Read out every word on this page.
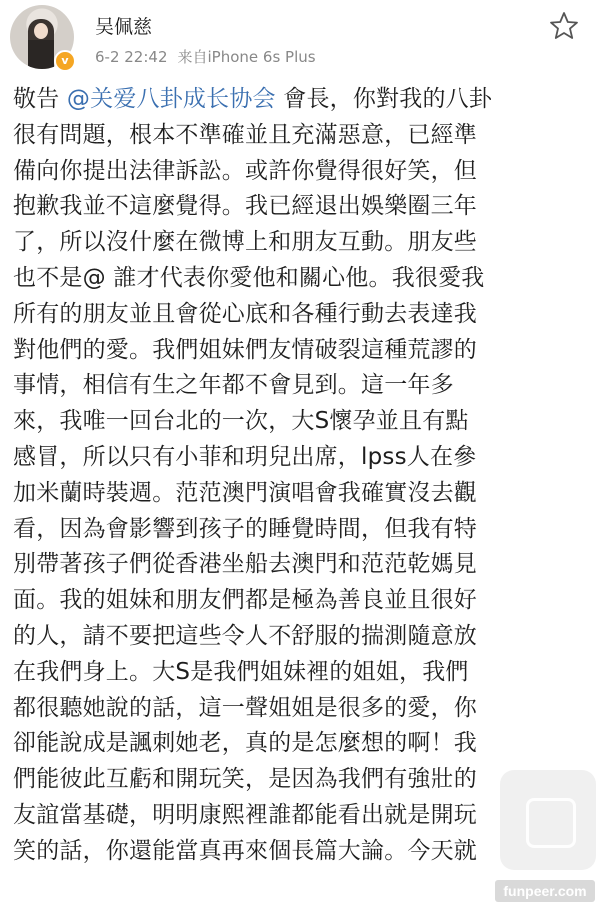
v
吴佩慈
6-2 22:42 来自iPhone 6s Plus
敬告 @关爱八卦成长协会 會長，你對我的八卦
很有問題，根本不準確並且充滿惡意，已經準
備向你提出法律訴訟。或許你覺得很好笑，但
抱歉我並不這麼覺得。我已經退出娛樂圈三年
了，所以沒什麼在微博上和朋友互動。朋友些
也不是@ 誰才代表你愛他和關心他。我很愛我
所有的朋友並且會從心底和各種行動去表達我
對他們的愛。我們姐妹們友情破裂這種荒謬的
事情，相信有生之年都不會見到。這一年多
來，我唯一回台北的一次，大S懷孕並且有點
感冒，所以只有小菲和玥兒出席，lpss人在參
加米蘭時裝週。范范澳門演唱會我確實沒去觀
看，因為會影響到孩子的睡覺時間，但我有特
別帶著孩子們從香港坐船去澳門和范范乾媽見
面。我的姐妹和朋友們都是極為善良並且很好
的人，請不要把這些令人不舒服的揣測隨意放
在我們身上。大S是我們姐妹裡的姐姐，我們
都很聽她說的話，這一聲姐姐是很多的愛，你
卻能說成是諷刺她老，真的是怎麼想的啊！我
們能彼此互虧和開玩笑，是因為我們有強壯的
友誼當基礎，明明康熙裡誰都能看出就是開玩
笑的話，你還能當真再來個長篇大論。今天就
funpeer.com
